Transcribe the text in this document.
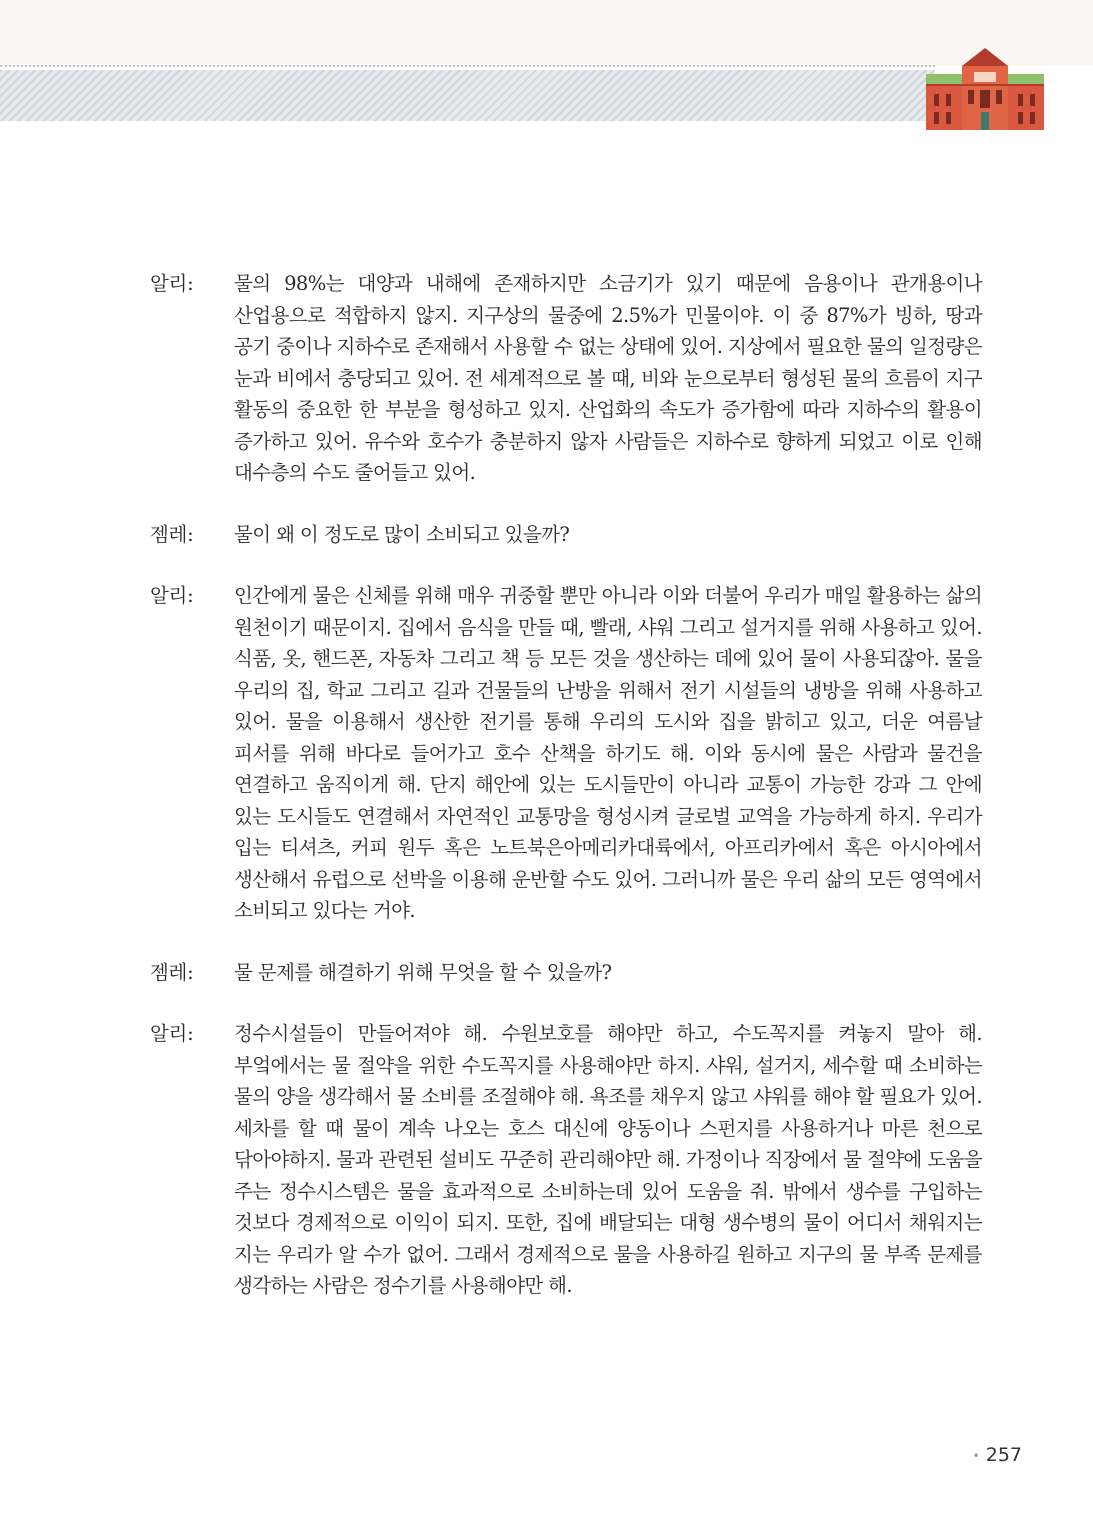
알리:	물의 98%는 대양과 내해에 존재하지만 소금기가 있기 때문에 음용이나 관개용이나 산업용으로 적합하지 않지. 지구상의 물중에 2.5%가 민물이야. 이 중 87%가 빙하, 땅과 공기 중이나 지하수로 존재해서 사용할 수 없는 상태에 있어. 지상에서 필요한 물의 일정량은 눈과 비에서 충당되고 있어. 전 세계적으로 볼 때, 비와 눈으로부터 형성된 물의 흐름이 지구 활동의 중요한 한 부분을 형성하고 있지. 산업화의 속도가 증가함에 따라 지하수의 활용이 증가하고 있어. 유수와 호수가 충분하지 않자 사람들은 지하수로 향하게 되었고 이로 인해 대수층의 수도 줄어들고 있어.
젬레:	물이 왜 이 정도로 많이 소비되고 있을까?
알리:	인간에게 물은 신체를 위해 매우 귀중할 뿐만 아니라 이와 더불어 우리가 매일 활용하는 삶의 원천이기 때문이지. 집에서 음식을 만들 때, 빨래, 샤워 그리고 설거지를 위해 사용하고 있어. 식품, 옷, 핸드폰, 자동차 그리고 책 등 모든 것을 생산하는 데에 있어 물이 사용되잖아. 물을 우리의 집, 학교 그리고 길과 건물들의 난방을 위해서 전기 시설들의 냉방을 위해 사용하고 있어. 물을 이용해서 생산한 전기를 통해 우리의 도시와 집을 밝히고 있고, 더운 여름날 피서를 위해 바다로 들어가고 호수 산책을 하기도 해. 이와 동시에 물은 사람과 물건을 연결하고 움직이게 해. 단지 해안에 있는 도시들만이 아니라 교통이 가능한 강과 그 안에 있는 도시들도 연결해서 자연적인 교통망을 형성시켜 글로벌 교역을 가능하게 하지. 우리가 입는 티셔츠, 커피 원두 혹은 노트북은아메리카대륙에서, 아프리카에서 혹은 아시아에서 생산해서 유럽으로 선박을 이용해 운반할 수도 있어. 그러니까 물은 우리 삶의 모든 영역에서 소비되고 있다는 거야.
젬레:	물 문제를 해결하기 위해 무엇을 할 수 있을까?
알리:	정수시설들이 만들어져야 해. 수원보호를 해야만 하고, 수도꼭지를 켜놓지 말아 해. 부엌에서는 물 절약을 위한 수도꼭지를 사용해야만 하지. 샤워, 설거지, 세수할 때 소비하는 물의 양을 생각해서 물 소비를 조절해야 해. 욕조를 채우지 않고 샤워를 해야 할 필요가 있어. 세차를 할 때 물이 계속 나오는 호스 대신에 양동이나 스펀지를 사용하거나 마른 천으로 닦아야하지. 물과 관련된 설비도 꾸준히 관리해야만 해. 가정이나 직장에서 물 절약에 도움을 주는 정수시스템은 물을 효과적으로 소비하는데 있어 도움을 줘. 밖에서 생수를 구입하는 것보다 경제적으로 이익이 되지. 또한, 집에 배달되는 대형 생수병의 물이 어디서 채워지는 지는 우리가 알 수가 없어. 그래서 경제적으로 물을 사용하길 원하고 지구의 물 부족 문제를 생각하는 사람은 정수기를 사용해야만 해.
• 257
